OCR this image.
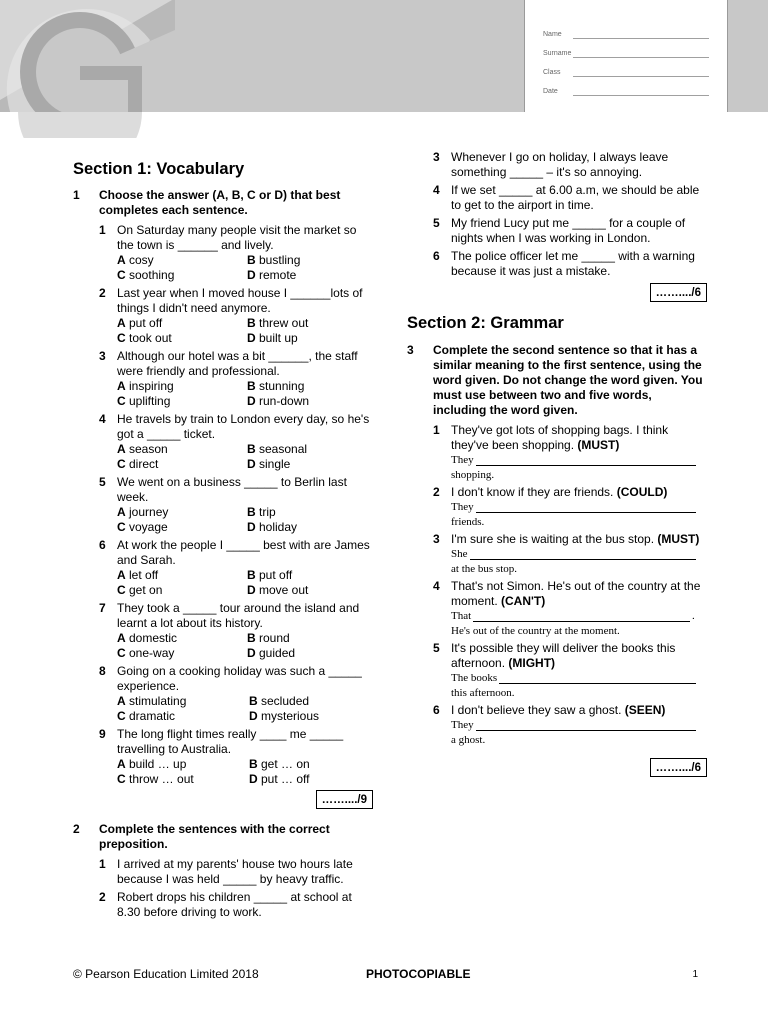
Name
Surname
Class
Date
Section 1: Vocabulary
1 Choose the answer (A, B, C or D) that best completes each sentence.
1 On Saturday many people visit the market so the town is ______ and lively.
A cosy	B bustling
C soothing	D remote
2 Last year when I moved house I ______lots of things I didn't need anymore.
A put off	B threw out
C took out	D built up
3 Although our hotel was a bit ______, the staff were friendly and professional.
A inspiring	B stunning
C uplifting	D run-down
4 He travels by train to London every day, so he's got a _____ ticket.
A season	B seasonal
C direct	D single
5 We went on a business _____ to Berlin last week.
A journey	B trip
C voyage	D holiday
6 At work the people I _____ best with are James and Sarah.
A let off	B put off
C get on	D move out
7 They took a _____ tour around the island and learnt a lot about its history.
A domestic	B round
C one-way	D guided
8 Going on a cooking holiday was such a _____ experience.
A stimulating	B secluded
C dramatic	D mysterious
9 The long flight times really ____ me _____ travelling to Australia.
A build … up	B get … on
C throw … out	D put … off
……..../9
2 Complete the sentences with the correct preposition.
1 I arrived at my parents' house two hours late because I was held _____ by heavy traffic.
2 Robert drops his children _____ at school at 8.30 before driving to work.
3 Whenever I go on holiday, I always leave something _____ – it's so annoying.
4 If we set _____ at 6.00 a.m, we should be able to get to the airport in time.
5 My friend Lucy put me _____ for a couple of nights when I was working in London.
6 The police officer let me _____ with a warning because it was just a mistake.
……..../6
Section 2: Grammar
3 Complete the second sentence so that it has a similar meaning to the first sentence, using the word given. Do not change the word given. You must use between two and five words, including the word given.
1 They've got lots of shopping bags. I think they've been shopping. (MUST)
They
shopping.
2 I don't know if they are friends. (COULD)
They
friends.
3 I'm sure she is waiting at the bus stop. (MUST)
She
at the bus stop.
4 That's not Simon. He's out of the country at the moment. (CAN'T)
That	.
He's out of the country at the moment.
5 It's possible they will deliver the books this afternoon. (MIGHT)
The books
this afternoon.
6 I don't believe they saw a ghost. (SEEN)
They
a ghost.
……..../6
© Pearson Education Limited 2018	PHOTOCOPIABLE	1
